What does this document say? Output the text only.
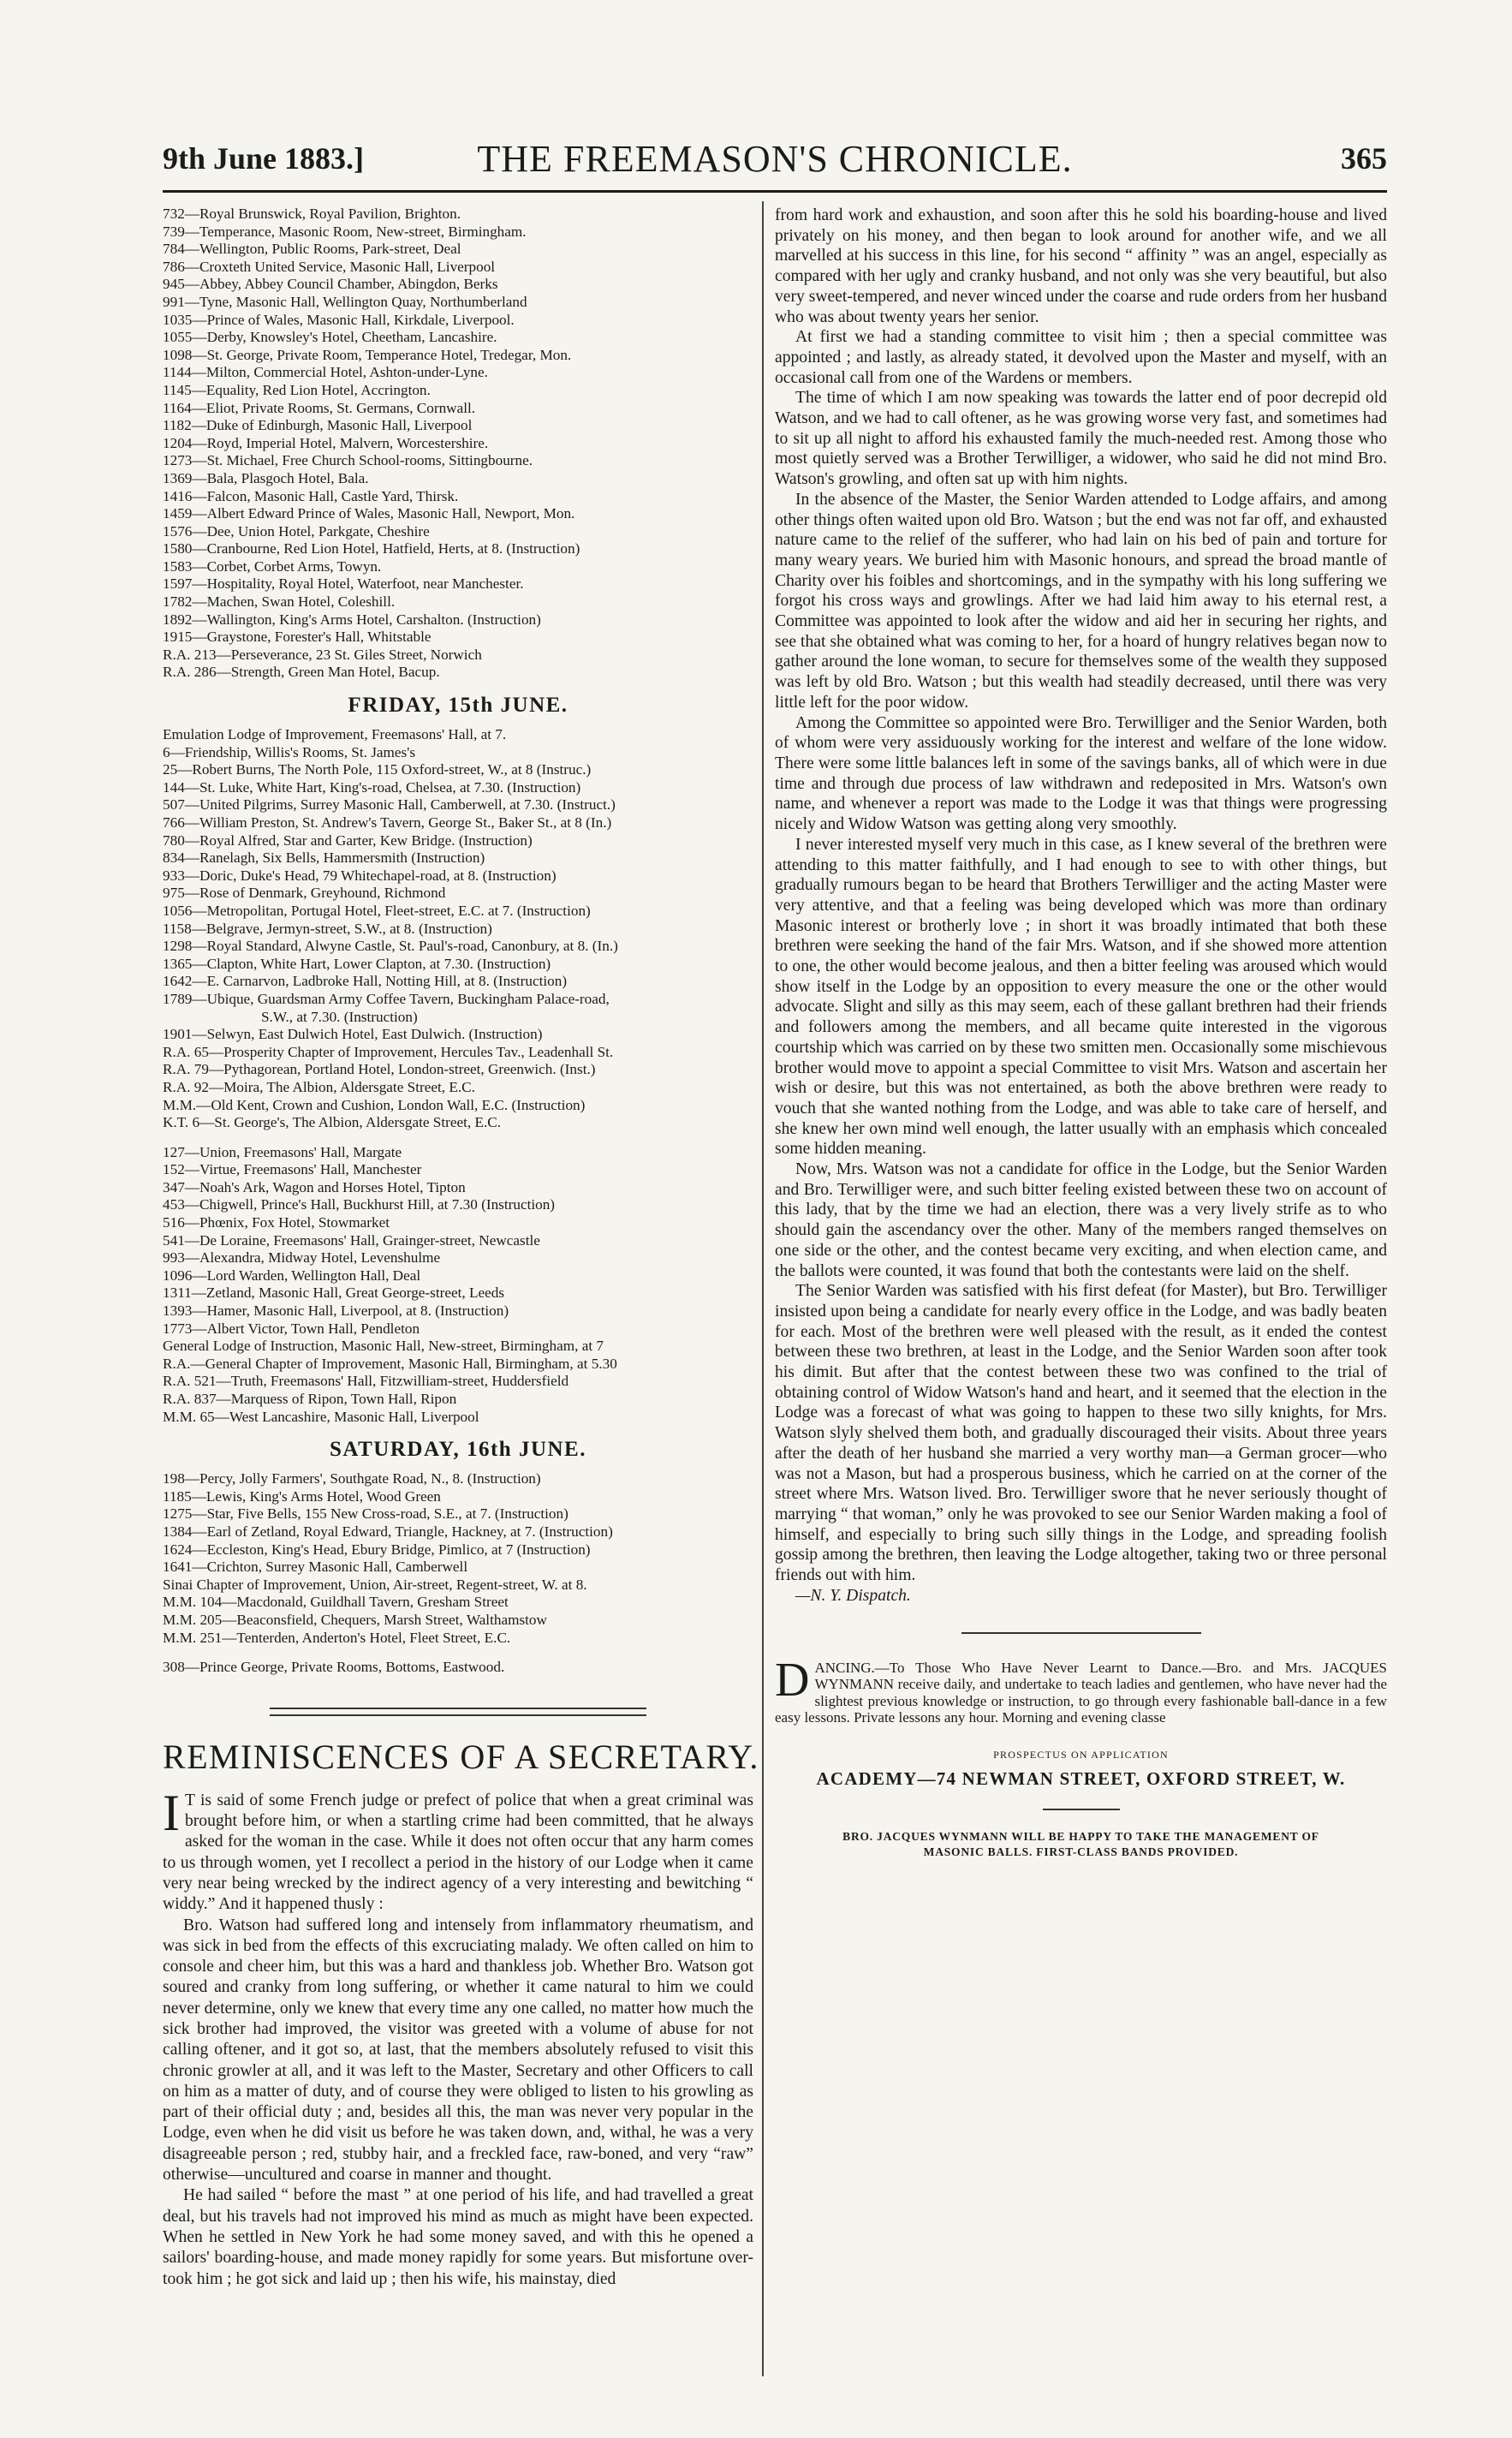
9th June 1883.]	THE FREEMASON'S CHRONICLE.	365
732—Royal Brunswick, Royal Pavilion, Brighton.
739—Temperance, Masonic Room, New-street, Birmingham.
784—Wellington, Public Rooms, Park-street, Deal
786—Croxteth United Service, Masonic Hall, Liverpool
945—Abbey, Abbey Council Chamber, Abingdon, Berks
991—Tyne, Masonic Hall, Wellington Quay, Northumberland
1035—Prince of Wales, Masonic Hall, Kirkdale, Liverpool.
1055—Derby, Knowsley's Hotel, Cheetham, Lancashire.
1098—St. George, Private Room, Temperance Hotel, Tredegar, Mon.
1144—Milton, Commercial Hotel, Ashton-under-Lyne.
1145—Equality, Red Lion Hotel, Accrington.
1164—Eliot, Private Rooms, St. Germans, Cornwall.
1182—Duke of Edinburgh, Masonic Hall, Liverpool
1204—Royd, Imperial Hotel, Malvern, Worcestershire.
1273—St. Michael, Free Church School-rooms, Sittingbourne.
1369—Bala, Plasgoch Hotel, Bala.
1416—Falcon, Masonic Hall, Castle Yard, Thirsk.
1459—Albert Edward Prince of Wales, Masonic Hall, Newport, Mon.
1576—Dee, Union Hotel, Parkgate, Cheshire
1580—Cranbourne, Red Lion Hotel, Hatfield, Herts, at 8. (Instruction)
1583—Corbet, Corbet Arms, Towyn.
1597—Hospitality, Royal Hotel, Waterfoot, near Manchester.
1782—Machen, Swan Hotel, Coleshill.
1892—Wallington, King's Arms Hotel, Carshalton. (Instruction)
1915—Graystone, Forester's Hall, Whitstable
R.A. 213—Perseverance, 23 St. Giles Street, Norwich
R.A. 286—Strength, Green Man Hotel, Bacup.
FRIDAY, 15th JUNE.
Emulation Lodge of Improvement, Freemasons' Hall, at 7.
6—Friendship, Willis's Rooms, St. James's
25—Robert Burns, The North Pole, 115 Oxford-street, W., at 8 (Instruc.)
144—St. Luke, White Hart, King's-road, Chelsea, at 7.30. (Instruction)
507—United Pilgrims, Surrey Masonic Hall, Camberwell, at 7.30. (Instruct.)
766—William Preston, St. Andrew's Tavern, George St., Baker St., at 8 (In.)
780—Royal Alfred, Star and Garter, Kew Bridge. (Instruction)
834—Ranelagh, Six Bells, Hammersmith (Instruction)
933—Doric, Duke's Head, 79 Whitechapel-road, at 8. (Instruction)
975—Rose of Denmark, Greyhound, Richmond
1056—Metropolitan, Portugal Hotel, Fleet-street, E.C. at 7. (Instruction)
1158—Belgrave, Jermyn-street, S.W., at 8. (Instruction)
1298—Royal Standard, Alwyne Castle, St. Paul's-road, Canonbury, at 8. (In.)
1365—Clapton, White Hart, Lower Clapton, at 7.30. (Instruction)
1642—E. Carnarvon, Ladbroke Hall, Notting Hill, at 8. (Instruction)
1789—Ubique, Guardsman Army Coffee Tavern, Buckingham Palace-road,
S.W., at 7.30. (Instruction)
1901—Selwyn, East Dulwich Hotel, East Dulwich. (Instruction)
R.A. 65—Prosperity Chapter of Improvement, Hercules Tav., Leadenhall St.
R.A. 79—Pythagorean, Portland Hotel, London-street, Greenwich. (Inst.)
R.A. 92—Moira, The Albion, Aldersgate Street, E.C.
M.M.—Old Kent, Crown and Cushion, London Wall, E.C. (Instruction)
K.T. 6—St. George's, The Albion, Aldersgate Street, E.C.
127—Union, Freemasons' Hall, Margate
152—Virtue, Freemasons' Hall, Manchester
347—Noah's Ark, Wagon and Horses Hotel, Tipton
453—Chigwell, Prince's Hall, Buckhurst Hill, at 7.30 (Instruction)
516—Phœnix, Fox Hotel, Stowmarket
541—De Loraine, Freemasons' Hall, Grainger-street, Newcastle
993—Alexandra, Midway Hotel, Levenshulme
1096—Lord Warden, Wellington Hall, Deal
1311—Zetland, Masonic Hall, Great George-street, Leeds
1393—Hamer, Masonic Hall, Liverpool, at 8. (Instruction)
1773—Albert Victor, Town Hall, Pendleton
General Lodge of Instruction, Masonic Hall, New-street, Birmingham, at 7
R.A.—General Chapter of Improvement, Masonic Hall, Birmingham, at 5.30
R.A. 521—Truth, Freemasons' Hall, Fitzwilliam-street, Huddersfield
R.A. 837—Marquess of Ripon, Town Hall, Ripon
M.M. 65—West Lancashire, Masonic Hall, Liverpool
SATURDAY, 16th JUNE.
198—Percy, Jolly Farmers', Southgate Road, N., 8. (Instruction)
1185—Lewis, King's Arms Hotel, Wood Green
1275—Star, Five Bells, 155 New Cross-road, S.E., at 7. (Instruction)
1384—Earl of Zetland, Royal Edward, Triangle, Hackney, at 7. (Instruction)
1624—Eccleston, King's Head, Ebury Bridge, Pimlico, at 7 (Instruction)
1641—Crichton, Surrey Masonic Hall, Camberwell
Sinai Chapter of Improvement, Union, Air-street, Regent-street, W. at 8.
M.M. 104—Macdonald, Guildhall Tavern, Gresham Street
M.M. 205—Beaconsfield, Chequers, Marsh Street, Walthamstow
M.M. 251—Tenterden, Anderton's Hotel, Fleet Street, E.C.
308—Prince George, Private Rooms, Bottoms, Eastwood.
REMINISCENCES OF A SECRETARY.

I T is said of some French judge or prefect of police that when a great criminal was brought before him, or when a startling crime had been committed, that he always asked for the woman in the case. While it does not often occur that any harm comes to us through women, yet I recollect a period in the history of our Lodge when it came very near being wrecked by the indirect agency of a very interesting and bewitching “ widdy.” And it happened thusly :

Bro. Watson had suffered long and intensely from inflammatory rheumatism, and was sick in bed from the effects of this excruciating malady. We often called on him to console and cheer him, but this was a hard and thankless job. Whether Bro. Watson got soured and cranky from long suffering, or whether it came natural to him we could never determine, only we knew that every time any one called, no matter how much the sick brother had improved, the visitor was greeted with a volume of abuse for not calling oftener, and it got so, at last, that the members absolutely refused to visit this chronic growler at all, and it was left to the Master, Secretary and other Officers to call on him as a matter of duty, and of course they were obliged to listen to his growling as part of their official duty ; and, besides all this, the man was never very popular in the Lodge, even when he did visit us before he was taken down, and, withal, he was a very disagreeable person ; red, stubby hair, and a freckled face, raw-boned, and very “raw” otherwise—uncultured and coarse in manner and thought.

He had sailed “ before the mast ” at one period of his life, and had travelled a great deal, but his travels had not improved his mind as much as might have been expected. When he settled in New York he had some money saved, and with this he opened a sailors' boarding-house, and made money rapidly for some years. But misfortune over-took him ; he got sick and laid up ; then his wife, his mainstay, died

from hard work and exhaustion, and soon after this he sold his boarding-house and lived privately on his money, and then began to look around for another wife, and we all marvelled at his success in this line, for his second “ affinity ” was an angel, especially as compared with her ugly and cranky husband, and not only was she very beautiful, but also very sweet-tempered, and never winced under the coarse and rude orders from her husband who was about twenty years her senior.

At first we had a standing committee to visit him ; then a special committee was appointed ; and lastly, as already stated, it devolved upon the Master and myself, with an occasional call from one of the Wardens or members.

The time of which I am now speaking was towards the latter end of poor decrepid old Watson, and we had to call oftener, as he was growing worse very fast, and sometimes had to sit up all night to afford his exhausted family the much-needed rest. Among those who most quietly served was a Brother Terwilliger, a widower, who said he did not mind Bro. Watson's growling, and often sat up with him nights.

In the absence of the Master, the Senior Warden attended to Lodge affairs, and among other things often waited upon old Bro. Watson ; but the end was not far off, and exhausted nature came to the relief of the sufferer, who had lain on his bed of pain and torture for many weary years. We buried him with Masonic honours, and spread the broad mantle of Charity over his foibles and shortcomings, and in the sympathy with his long suffering we forgot his cross ways and growlings. After we had laid him away to his eternal rest, a Committee was appointed to look after the widow and aid her in securing her rights, and see that she obtained what was coming to her, for a hoard of hungry relatives began now to gather around the lone woman, to secure for themselves some of the wealth they supposed was left by old Bro. Watson ; but this wealth had steadily decreased, until there was very little left for the poor widow.

Among the Committee so appointed were Bro. Terwilliger and the Senior Warden, both of whom were very assiduously working for the interest and welfare of the lone widow. There were some little balances left in some of the savings banks, all of which were in due time and through due process of law withdrawn and redeposited in Mrs. Watson's own name, and whenever a report was made to the Lodge it was that things were progressing nicely and Widow Watson was getting along very smoothly.

I never interested myself very much in this case, as I knew several of the brethren were attending to this matter faithfully, and I had enough to see to with other things, but gradually rumours began to be heard that Brothers Terwilliger and the acting Master were very attentive, and that a feeling was being developed which was more than ordinary Masonic interest or brotherly love ; in short it was broadly intimated that both these brethren were seeking the hand of the fair Mrs. Watson, and if she showed more attention to one, the other would become jealous, and then a bitter feeling was aroused which would show itself in the Lodge by an opposition to every measure the one or the other would advocate. Slight and silly as this may seem, each of these gallant brethren had their friends and followers among the members, and all became quite interested in the vigorous courtship which was carried on by these two smitten men. Occasionally some mischievous brother would move to appoint a special Committee to visit Mrs. Watson and ascertain her wish or desire, but this was not entertained, as both the above brethren were ready to vouch that she wanted nothing from the Lodge, and was able to take care of herself, and she knew her own mind well enough, the latter usually with an emphasis which concealed some hidden meaning.

Now, Mrs. Watson was not a candidate for office in the Lodge, but the Senior Warden and Bro. Terwilliger were, and such bitter feeling existed between these two on account of this lady, that by the time we had an election, there was a very lively strife as to who should gain the ascendancy over the other. Many of the members ranged themselves on one side or the other, and the contest became very exciting, and when election came, and the ballots were counted, it was found that both the contestants were laid on the shelf.

The Senior Warden was satisfied with his first defeat (for Master), but Bro. Terwilliger insisted upon being a candidate for nearly every office in the Lodge, and was badly beaten for each. Most of the brethren were well pleased with the result, as it ended the contest between these two brethren, at least in the Lodge, and the Senior Warden soon after took his dimit. But after that the contest between these two was confined to the trial of obtaining control of Widow Watson's hand and heart, and it seemed that the election in the Lodge was a forecast of what was going to happen to these two silly knights, for Mrs. Watson slyly shelved them both, and gradually discouraged their visits. About three years after the death of her husband she married a very worthy man—a German grocer—who was not a Mason, but had a prosperous business, which he carried on at the corner of the street where Mrs. Watson lived. Bro. Terwilliger swore that he never seriously thought of marrying “ that woman,” only he was provoked to see our Senior Warden making a fool of himself, and especially to bring such silly things in the Lodge, and spreading foolish gossip among the brethren, then leaving the Lodge altogether, taking two or three personal friends out with him.

—N. Y. Dispatch.

DANCING.—To Those Who Have Never Learnt to Dance.—Bro. and Mrs. JACQUES WYNMANN receive daily, and undertake to teach ladies and gentlemen, who have never had the slightest previous knowledge or instruction, to go through every fashionable ball-dance in a few easy lessons. Private lessons any hour. Morning and evening classe

PROSPECTUS ON APPLICATION
ACADEMY—74 NEWMAN STREET, OXFORD STREET, W.
BRO. JACQUES WYNMANN WILL BE HAPPY TO TAKE THE MANAGEMENT OF
MASONIC BALLS. FIRST-CLASS BANDS PROVIDED.
